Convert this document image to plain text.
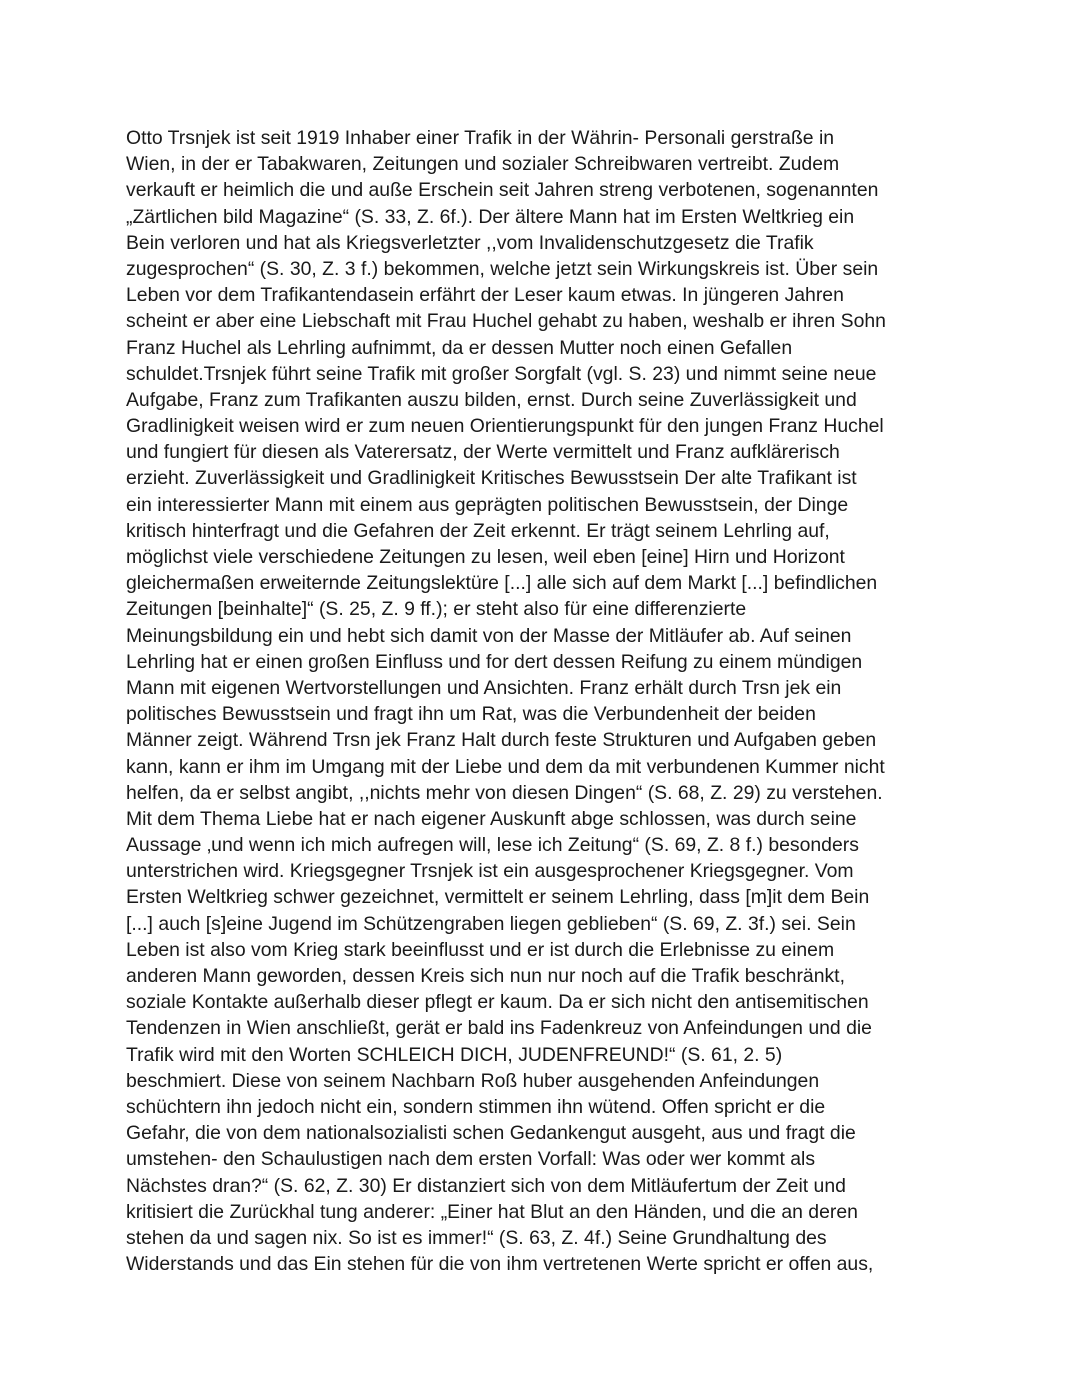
Otto Trsnjek ist seit 1919 Inhaber einer Trafik in der Währin- Personali gerstraße in
Wien, in der er Tabakwaren, Zeitungen und sozialer Schreibwaren vertreibt. Zudem
verkauft er heimlich die und auße Erschein seit Jahren streng verbotenen, sogenannten
„Zärtlichen bild Magazine“ (S. 33, Z. 6f.). Der ältere Mann hat im Ersten Weltkrieg ein
Bein verloren und hat als Kriegsverletzter ,,vom Invalidenschutzgesetz die Trafik
zugesprochen“ (S. 30, Z. 3 f.) bekommen, welche jetzt sein Wirkungskreis ist. Über sein
Leben vor dem Trafikantendasein erfährt der Leser kaum etwas. In jüngeren Jahren
scheint er aber eine Liebschaft mit Frau Huchel gehabt zu haben, weshalb er ihren Sohn
Franz Huchel als Lehrling aufnimmt, da er dessen Mutter noch einen Gefallen
schuldet.Trsnjek führt seine Trafik mit großer Sorgfalt (vgl. S. 23) und nimmt seine neue
Aufgabe, Franz zum Trafikanten auszu bilden, ernst. Durch seine Zuverlässigkeit und
Gradlinigkeit weisen wird er zum neuen Orientierungspunkt für den jungen Franz Huchel
und fungiert für diesen als Vaterersatz, der Werte vermittelt und Franz aufklärerisch
erzieht. Zuverlässigkeit und Gradlinigkeit Kritisches Bewusstsein Der alte Trafikant ist
ein interessierter Mann mit einem aus geprägten politischen Bewusstsein, der Dinge
kritisch hinterfragt und die Gefahren der Zeit erkennt. Er trägt seinem Lehrling auf,
möglichst viele verschiedene Zeitungen zu lesen, weil eben [eine] Hirn und Horizont
gleichermaßen erweiternde Zeitungslektüre [...] alle sich auf dem Markt [...] befindlichen
Zeitungen [beinhalte]“ (S. 25, Z. 9 ff.); er steht also für eine differenzierte
Meinungsbildung ein und hebt sich damit von der Masse der Mitläufer ab. Auf seinen
Lehrling hat er einen großen Einfluss und for dert dessen Reifung zu einem mündigen
Mann mit eigenen Wertvorstellungen und Ansichten. Franz erhält durch Trsn jek ein
politisches Bewusstsein und fragt ihn um Rat, was die Verbundenheit der beiden
Männer zeigt. Während Trsn jek Franz Halt durch feste Strukturen und Aufgaben geben
kann, kann er ihm im Umgang mit der Liebe und dem da mit verbundenen Kummer nicht
helfen, da er selbst angibt, ,,nichts mehr von diesen Dingen“ (S. 68, Z. 29) zu verstehen.
Mit dem Thema Liebe hat er nach eigener Auskunft abge schlossen, was durch seine
Aussage ‚und wenn ich mich aufregen will, lese ich Zeitung“ (S. 69, Z. 8 f.) besonders
unterstrichen wird. Kriegsgegner Trsnjek ist ein ausgesprochener Kriegsgegner. Vom
Ersten Weltkrieg schwer gezeichnet, vermittelt er seinem Lehrling, dass [m]it dem Bein
[...] auch [s]eine Jugend im Schützengraben liegen geblieben“ (S. 69, Z. 3f.) sei. Sein
Leben ist also vom Krieg stark beeinflusst und er ist durch die Erlebnisse zu einem
anderen Mann geworden, dessen Kreis sich nun nur noch auf die Trafik beschränkt,
soziale Kontakte außerhalb dieser pflegt er kaum. Da er sich nicht den antisemitischen
Tendenzen in Wien anschließt, gerät er bald ins Fadenkreuz von Anfeindungen und die
Trafik wird mit den Worten SCHLEICH DICH, JUDENFREUND!“ (S. 61, 2. 5)
beschmiert. Diese von seinem Nachbarn Roß huber ausgehenden Anfeindungen
schüchtern ihn jedoch nicht ein, sondern stimmen ihn wütend. Offen spricht er die
Gefahr, die von dem nationalsozialisti schen Gedankengut ausgeht, aus und fragt die
umstehen- den Schaulustigen nach dem ersten Vorfall: Was oder wer kommt als
Nächstes dran?“ (S. 62, Z. 30) Er distanziert sich von dem Mitläufertum der Zeit und
kritisiert die Zurückhal tung anderer: „Einer hat Blut an den Händen, und die an deren
stehen da und sagen nix. So ist es immer!“ (S. 63, Z. 4f.) Seine Grundhaltung des
Widerstands und das Ein stehen für die von ihm vertretenen Werte spricht er offen aus,
